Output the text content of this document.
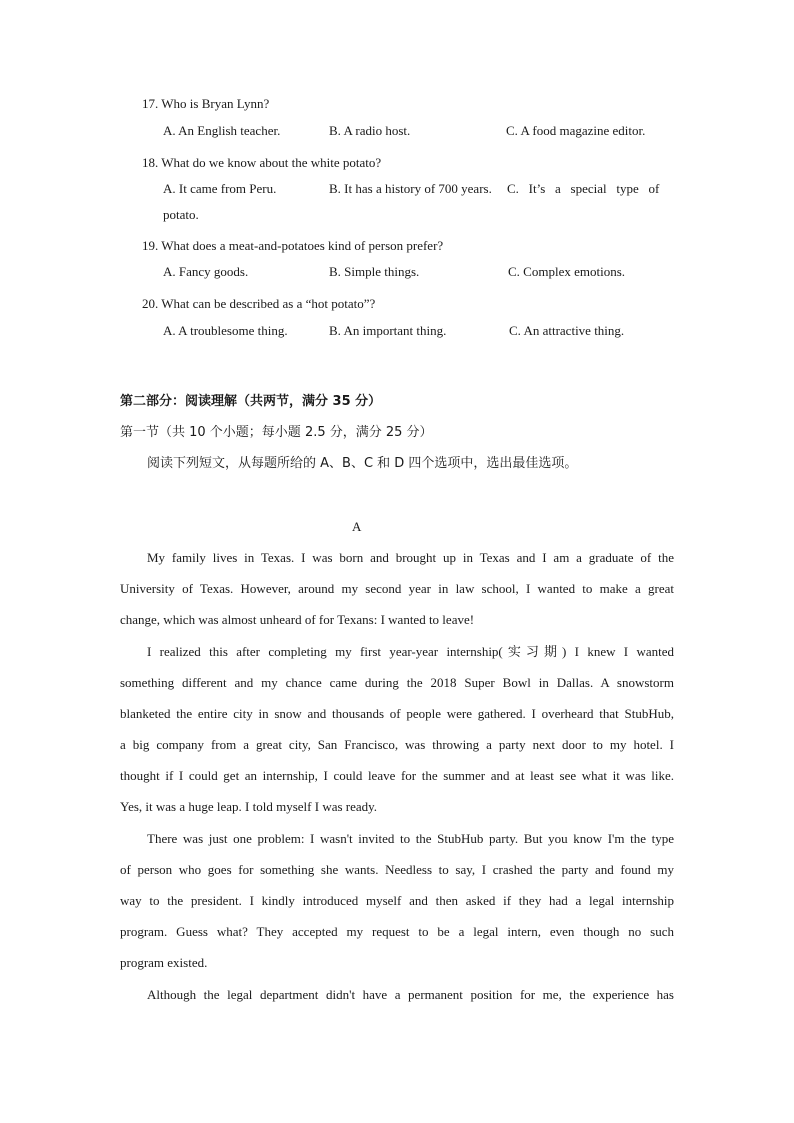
17. Who is Bryan Lynn?
A. An English teacher.	B. A radio host.	C. A food magazine editor.
18. What do we know about the white potato?
A. It came from Peru.	B. It has a history of 700 years. C.   It’s   a   special   type   of
potato.
19. What does a meat-and-potatoes kind of person prefer?
A. Fancy goods.	B. Simple things.	C. Complex emotions.
20. What can be described as a “hot potato”?
A. A troublesome thing.	B. An important thing.	C. An attractive thing.
第二部分：阅读理解（共两节，满分 35 分）
第一节（共 10 个小题；每小题 2.5 分，满分 25 分）
阅读下列短文，从每题所给的 A、B、C 和 D 四个选项中，选出最佳选项。
A
My family lives in Texas. I was born and brought up in Texas and I am a graduate of the
University of Texas. However, around my second year in law school, I wanted to make a great
change, which was almost unheard of for Texans: I wanted to leave!
I realized this after completing my first year-year internship(实习期) I knew I wanted
something different and my chance came during the 2018 Super Bowl in Dallas. A snowstorm
blanketed the entire city in snow and thousands of people were gathered. I overheard that StubHub,
a big company from a great city, San Francisco, was throwing a party next door to my hotel. I
thought if I could get an internship, I could leave for the summer and at least see what it was like.
Yes, it was a huge leap. I told myself I was ready.
There was just one problem: I wasn't invited to the StubHub party. But you know I'm the type
of person who goes for something she wants. Needless to say, I crashed the party and found my
way to the president. I kindly introduced myself and then asked if they had a legal internship
program. Guess what? They accepted my request to be a legal intern, even though no such
program existed.
Although the legal department didn't have a permanent position for me, the experience has
